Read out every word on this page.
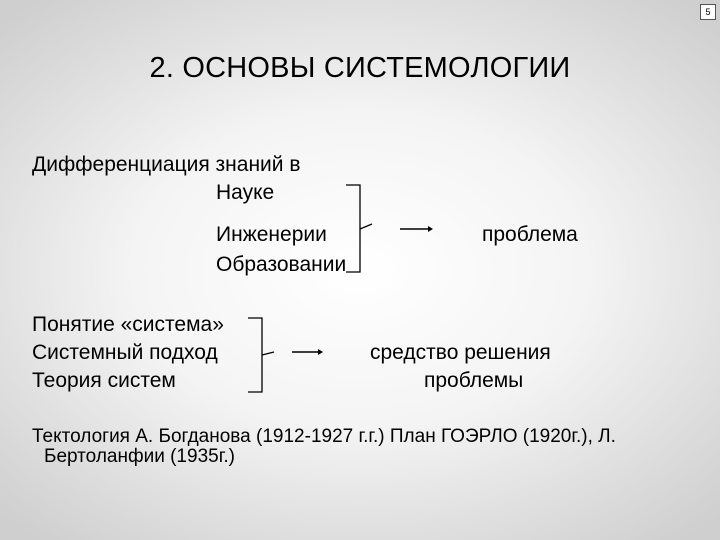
5
2. ОСНОВЫ СИСТЕМОЛОГИИ
Дифференциация знаний в
Науке
Инженерии
Образовании
проблема
Понятие «система»
Системный подход
Теория систем
средство решения
проблемы
Тектология А. Богданова (1912-1927 г.г.) План ГОЭРЛО (1920г.), Л.
Бертоланфии (1935г.)
